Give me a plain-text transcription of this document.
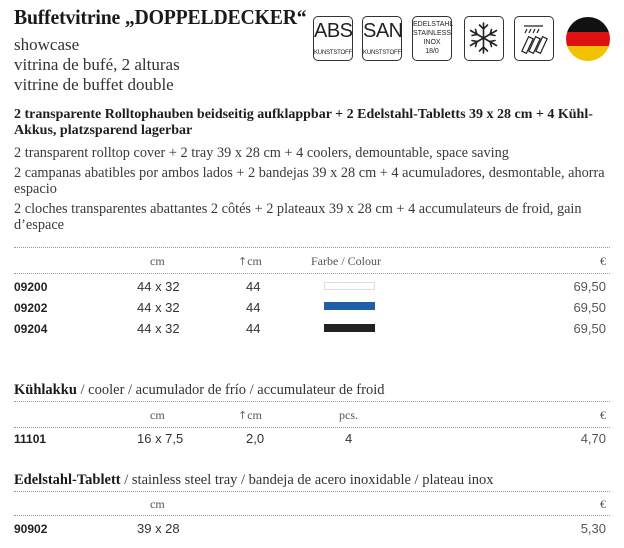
Buffetvitrine „DOPPELDECKER“
showcase
vitrina de bufé, 2 alturas
vitrine de buffet double
ABS
KUNSTSTOFF
SAN
KUNSTSTOFF
EDELSTAHL
STAINLESS
INOX
18/0
2 transparente Rolltophauben beidseitig aufklappbar + 2 Edelstahl-Tabletts 39 x 28 cm + 4 Kühl-Akkus, platzsparend lagerbar
2 transparent rolltop cover + 2 tray 39 x 28 cm + 4 coolers, demountable, space saving
2 campanas abatibles por ambos lados + 2 bandejas 39 x 28 cm + 4 acumuladores, desmontable, ahorra espacio
2 cloches transparentes abattantes 2 côtés + 2 plateaux 39 x 28 cm + 4 accumulateurs de froid, gain d’espace
cm	↑cm	Farbe / Colour	€
09200	44 x 32	44	69,50
09202	44 x 32	44	69,50
09204	44 x 32	44	69,50
Kühlakku / cooler / acumulador de frío / accumulateur de froid
cm	↑cm	pcs.	€
11101	16 x 7,5	2,0	4	4,70
Edelstahl-Tablett / stainless steel tray / bandeja de acero inoxidable / plateau inox
cm	€
90902	39 x 28	5,30
